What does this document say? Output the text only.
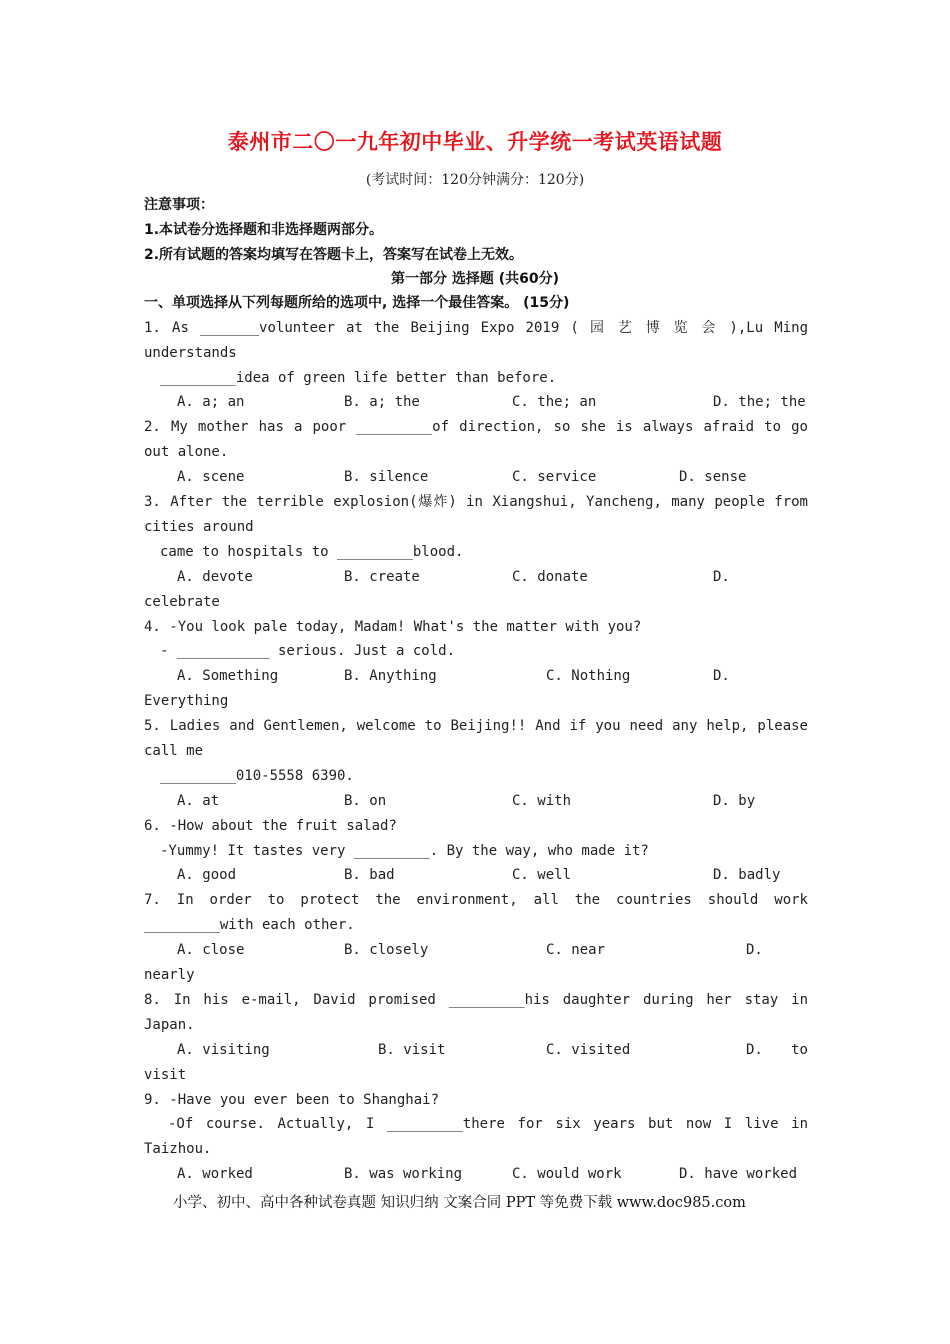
泰州市二〇一九年初中毕业、升学统一考试英语试题
(考试时间：120分钟满分：120分)
注意事项：
1.本试卷分选择题和非选择题两部分。
2.所有试题的答案均填写在答题卡上，答案写在试卷上无效。
第一部分 选择题 (共60分)
一、单项选择从下列每题所给的选项中, 选择一个最佳答案。 (15分)
1. As _______volunteer at the Beijing Expo 2019 ( 园 艺 博 览 会 ),Lu Ming
understands
_________idea of green life better than before.
A. a; an	B. a; the	C. the; an	D. the; the
2. My mother has a poor _________of direction, so she is always afraid to go
out alone.
A. scene	B. silence	C. service	D. sense
3. After the terrible explosion(爆炸) in Xiangshui, Yancheng, many people from
cities around
came to hospitals to _________blood.
A. devote	B. create	C. donate	D.
celebrate
4. -You look pale today, Madam! What's the matter with you?
- ___________ serious. Just a cold.
A. Something	B. Anything	C. Nothing	D.
Everything
5. Ladies and Gentlemen, welcome to Beijing!! And if you need any help, please
call me
_________010-5558 6390.
A. at	B. on	C. with	D. by
6. -How about the fruit salad?
-Yummy! It tastes very _________. By the way, who made it?
A. good	B. bad	C. well	D. badly
7. In order to protect the environment, all the countries should work
_________with each other.
A. close	B. closely	C. near	D.
nearly
8. In his e-mail, David promised _________his daughter during her stay in
Japan.
A. visiting	B. visit	C. visited	D. to
visit
9. -Have you ever been to Shanghai?
-Of course. Actually, I _________there for six years but now I live in
Taizhou.
A. worked	B. was working	C. would work	D. have worked
小学、初中、高中各种试卷真题 知识归纳 文案合同 PPT 等免费下载 www.doc985.com
